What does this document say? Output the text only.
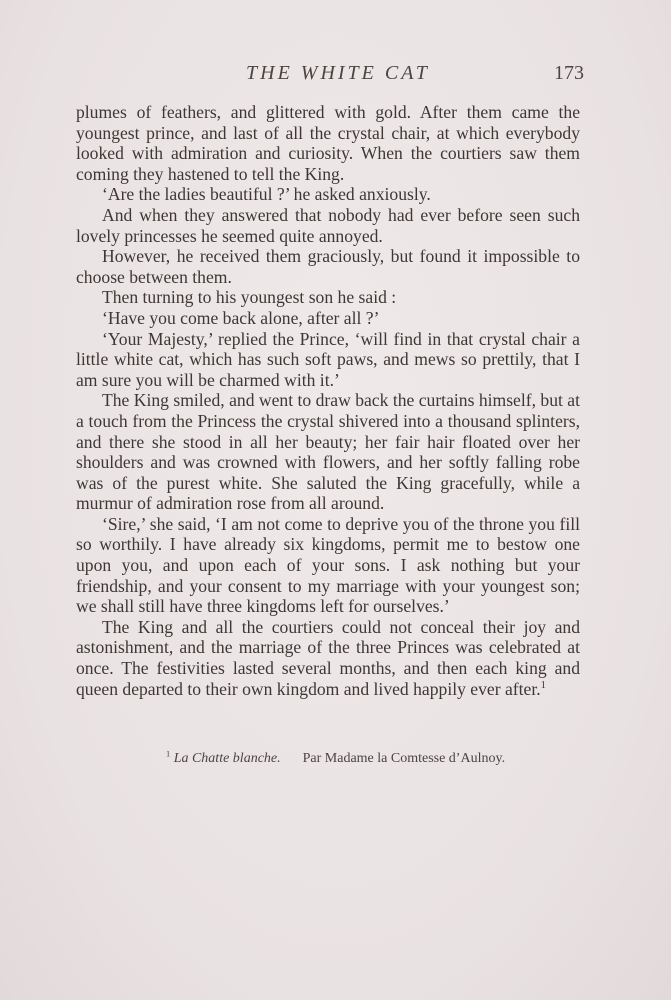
THE WHITE CAT	173

plumes of feathers, and glittered with gold. After them came the youngest prince, and last of all the crystal chair, at which everybody looked with admiration and curiosity. When the courtiers saw them coming they hastened to tell the King.

‘Are the ladies beautiful ?’ he asked anxiously.

And when they answered that nobody had ever before seen such lovely princesses he seemed quite annoyed.

However, he received them graciously, but found it impossible to choose between them.

Then turning to his youngest son he said :

‘Have you come back alone, after all ?’

‘Your Majesty,’ replied the Prince, ‘will find in that crystal chair a little white cat, which has such soft paws, and mews so prettily, that I am sure you will be charmed with it.’

The King smiled, and went to draw back the curtains himself, but at a touch from the Princess the crystal shivered into a thousand splinters, and there she stood in all her beauty; her fair hair floated over her shoulders and was crowned with flowers, and her softly falling robe was of the purest white. She saluted the King gracefully, while a murmur of admiration rose from all around.

‘Sire,’ she said, ‘I am not come to deprive you of the throne you fill so worthily. I have already six kingdoms, permit me to bestow one upon you, and upon each of your sons. I ask nothing but your friendship, and your consent to my marriage with your youngest son; we shall still have three kingdoms left for ourselves.’

The King and all the courtiers could not conceal their joy and astonishment, and the marriage of the three Princes was celebrated at once. The festivities lasted several months, and then each king and queen departed to their own kingdom and lived happily ever after.$^1$

$^1$ La Chatte blanche. Par Madame la Comtesse d’Aulnoy.
